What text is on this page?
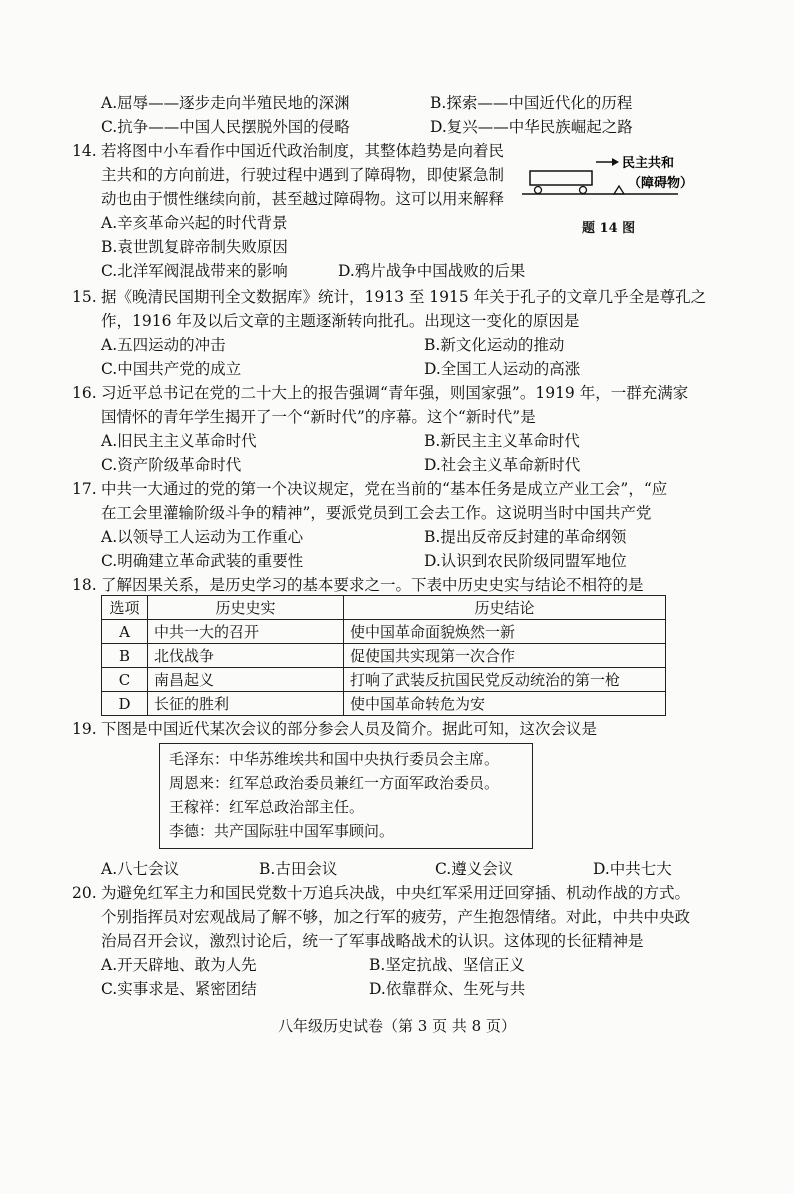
A.屈辱——逐步走向半殖民地的深渊	B.探索——中国近代化的历程
C.抗争——中国人民摆脱外国的侵略	D.复兴——中华民族崛起之路
14. 若将图中小车看作中国近代政治制度，其整体趋势是向着民
主共和的方向前进，行驶过程中遇到了障碍物，即使紧急制
动也由于惯性继续向前，甚至越过障碍物。这可以用来解释
A.辛亥革命兴起的时代背景
B.袁世凯复辟帝制失败原因
C.北洋军阀混战带来的影响	D.鸦片战争中国战败的后果
民主共和
（障碍物）
题 14 图
15. 据《晚清民国期刊全文数据库》统计，1913 至 1915 年关于孔子的文章几乎全是尊孔之
作，1916 年及以后文章的主题逐渐转向批孔。出现这一变化的原因是
A.五四运动的冲击	B.新文化运动的推动
C.中国共产党的成立	D.全国工人运动的高涨
16. 习近平总书记在党的二十大上的报告强调“青年强，则国家强”。1919 年，一群充满家
国情怀的青年学生揭开了一个“新时代”的序幕。这个“新时代”是
A.旧民主主义革命时代	B.新民主主义革命时代
C.资产阶级革命时代	D.社会主义革命新时代
17. 中共一大通过的党的第一个决议规定，党在当前的“基本任务是成立产业工会”，“应
在工会里灌输阶级斗争的精神”，要派党员到工会去工作。这说明当时中国共产党
A.以领导工人运动为工作重心	B.提出反帝反封建的革命纲领
C.明确建立革命武装的重要性	D.认识到农民阶级同盟军地位
18. 了解因果关系，是历史学习的基本要求之一。下表中历史史实与结论不相符的是
选项	历史史实	历史结论
A	中共一大的召开	使中国革命面貌焕然一新
B	北伐战争	促使国共实现第一次合作
C	南昌起义	打响了武装反抗国民党反动统治的第一枪
D	长征的胜利	使中国革命转危为安
19. 下图是中国近代某次会议的部分参会人员及简介。据此可知，这次会议是
毛泽东：中华苏维埃共和国中央执行委员会主席。
周恩来：红军总政治委员兼红一方面军政治委员。
王稼祥：红军总政治部主任。
李德：共产国际驻中国军事顾问。
A.八七会议	B.古田会议	C.遵义会议	D.中共七大
20. 为避免红军主力和国民党数十万追兵决战，中央红军采用迂回穿插、机动作战的方式。
个别指挥员对宏观战局了解不够，加之行军的疲劳，产生抱怨情绪。对此，中共中央政
治局召开会议，激烈讨论后，统一了军事战略战术的认识。这体现的长征精神是
A.开天辟地、敢为人先	B.坚定抗战、坚信正义
C.实事求是、紧密团结	D.依靠群众、生死与共
八年级历史试卷（第 3 页 共 8 页）
